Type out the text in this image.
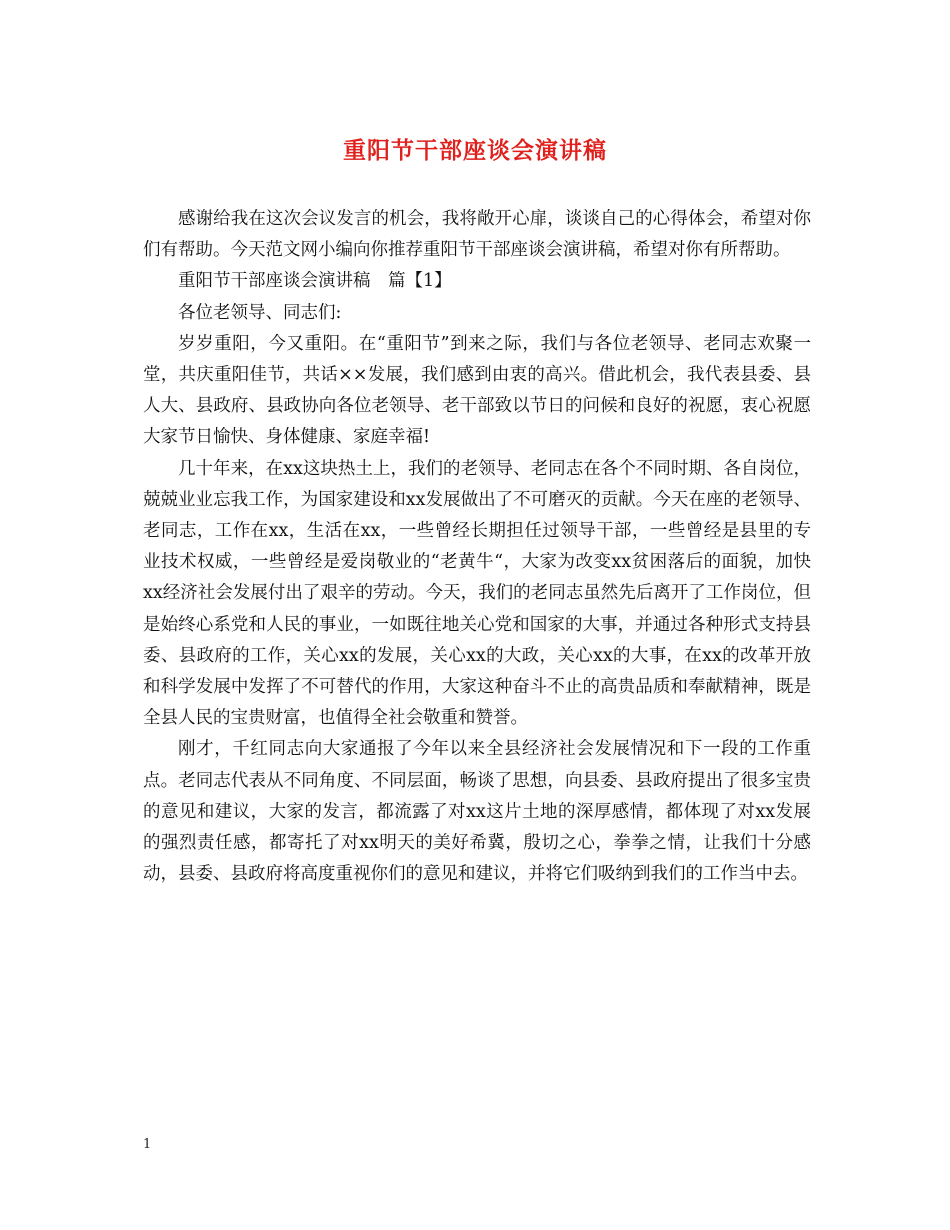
重阳节干部座谈会演讲稿

感谢给我在这次会议发言的机会，我将敞开心扉，谈谈自己的心得体会，希望对你们有帮助。今天范文网小编向你推荐重阳节干部座谈会演讲稿，希望对你有所帮助。

重阳节干部座谈会演讲稿　篇【1】

各位老领导、同志们:

岁岁重阳，今又重阳。在“重阳节”到来之际，我们与各位老领导、老同志欢聚一堂，共庆重阳佳节，共话××发展，我们感到由衷的高兴。借此机会，我代表县委、县人大、县政府、县政协向各位老领导、老干部致以节日的问候和良好的祝愿，衷心祝愿大家节日愉快、身体健康、家庭幸福!

几十年来，在xx这块热土上，我们的老领导、老同志在各个不同时期、各自岗位，兢兢业业忘我工作，为国家建设和xx发展做出了不可磨灭的贡献。今天在座的老领导、老同志，工作在xx，生活在xx，一些曾经长期担任过领导干部，一些曾经是县里的专业技术权威，一些曾经是爱岗敬业的“老黄牛“，大家为改变xx贫困落后的面貌，加快xx经济社会发展付出了艰辛的劳动。今天，我们的老同志虽然先后离开了工作岗位，但是始终心系党和人民的事业，一如既往地关心党和国家的大事，并通过各种形式支持县委、县政府的工作，关心xx的发展，关心xx的大政，关心xx的大事，在xx的改革开放和科学发展中发挥了不可替代的作用，大家这种奋斗不止的高贵品质和奉献精神，既是全县人民的宝贵财富，也值得全社会敬重和赞誉。

刚才，千红同志向大家通报了今年以来全县经济社会发展情况和下一段的工作重点。老同志代表从不同角度、不同层面，畅谈了思想，向县委、县政府提出了很多宝贵的意见和建议，大家的发言，都流露了对xx这片土地的深厚感情，都体现了对xx发展的强烈责任感，都寄托了对xx明天的美好希冀，殷切之心，拳拳之情，让我们十分感动，县委、县政府将高度重视你们的意见和建议，并将它们吸纳到我们的工作当中去。

1
